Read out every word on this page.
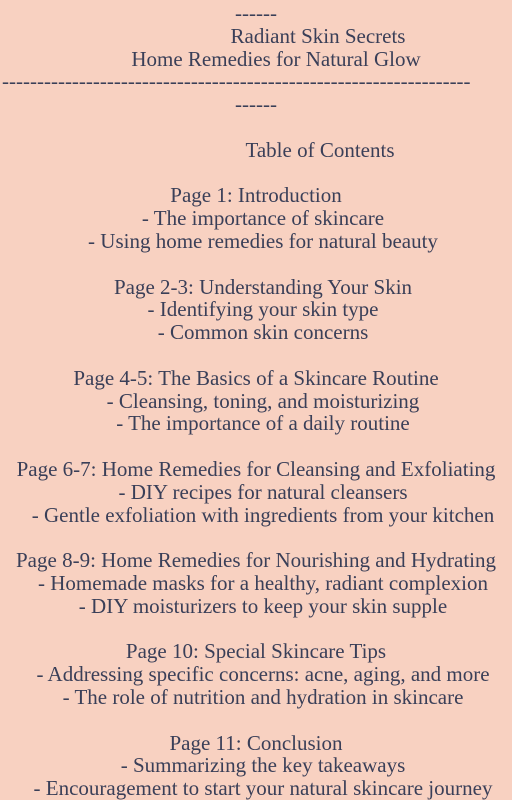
------
Radiant Skin Secrets
Home Remedies for Natural Glow
-------------------------------------------------------------------
------
Table of Contents
Page 1: Introduction
- The importance of skincare
- Using home remedies for natural beauty
Page 2-3: Understanding Your Skin
- Identifying your skin type
- Common skin concerns
Page 4-5: The Basics of a Skincare Routine
- Cleansing, toning, and moisturizing
- The importance of a daily routine
Page 6-7: Home Remedies for Cleansing and Exfoliating
- DIY recipes for natural cleansers
- Gentle exfoliation with ingredients from your kitchen
Page 8-9: Home Remedies for Nourishing and Hydrating
- Homemade masks for a healthy, radiant complexion
- DIY moisturizers to keep your skin supple
Page 10: Special Skincare Tips
- Addressing specific concerns: acne, aging, and more
- The role of nutrition and hydration in skincare
Page 11: Conclusion
- Summarizing the key takeaways
- Encouragement to start your natural skincare journey
